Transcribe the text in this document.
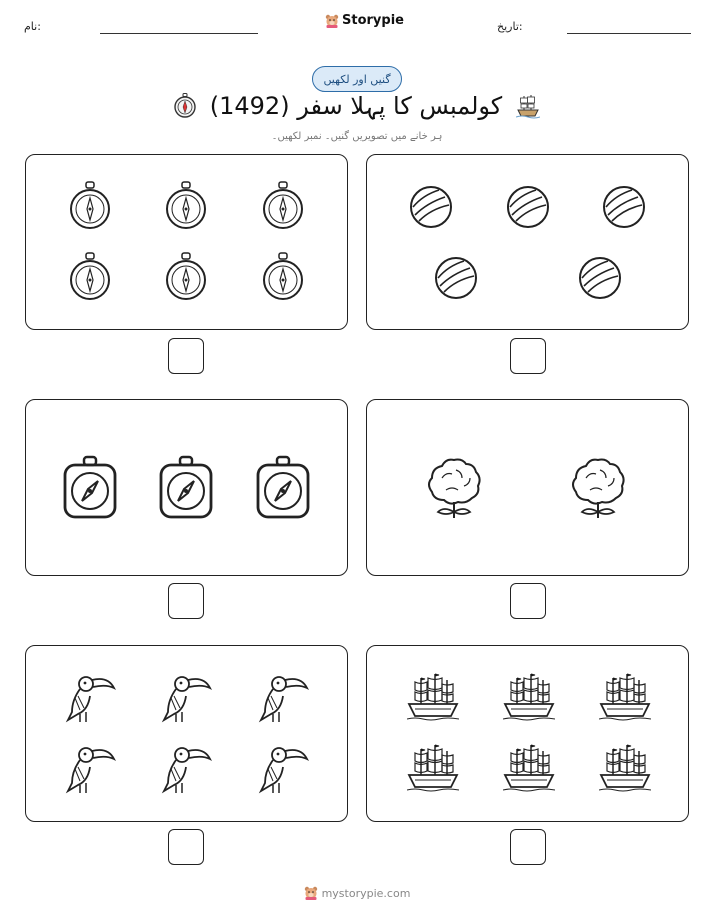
نام:	Storypie	تاریخ:
گنیں اور لکھیں
کولمبس کا پہلا سفر (1492)
ہر خانے میں تصویریں گنیں۔ نمبر لکھیں۔
mystorypie.com
